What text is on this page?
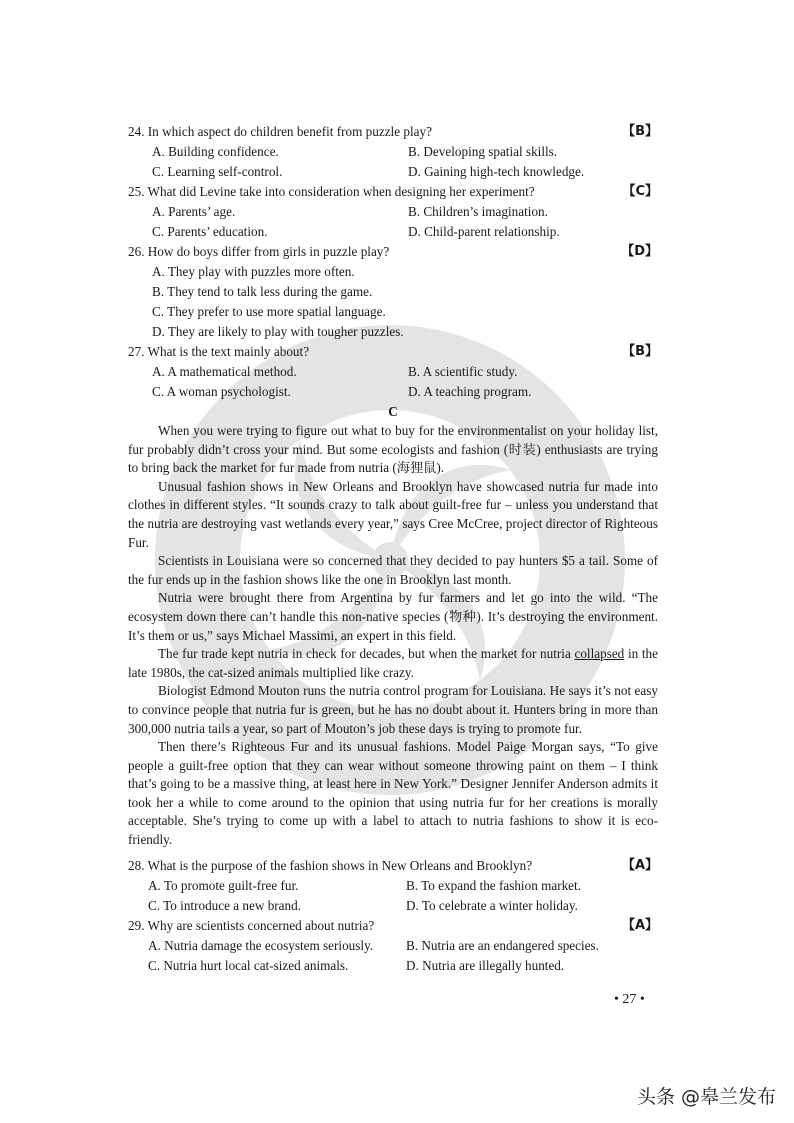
24. In which aspect do children benefit from puzzle play?	【B】
A. Building confidence.	B. Developing spatial skills.
C. Learning self-control.	D. Gaining high-tech knowledge.
25. What did Levine take into consideration when designing her experiment?	【C】
A. Parents’ age.	B. Children’s imagination.
C. Parents’ education.	D. Child-parent relationship.
26. How do boys differ from girls in puzzle play?	【D】
A. They play with puzzles more often.
B. They tend to talk less during the game.
C. They prefer to use more spatial language.
D. They are likely to play with tougher puzzles.
27. What is the text mainly about?	【B】
A. A mathematical method.	B. A scientific study.
C. A woman psychologist.	D. A teaching program.
C

When you were trying to figure out what to buy for the environmentalist on your holiday list, fur probably didn’t cross your mind. But some ecologists and fashion (时装) enthusiasts are trying to bring back the market for fur made from nutria (海狸鼠).

Unusual fashion shows in New Orleans and Brooklyn have showcased nutria fur made into clothes in different styles. “It sounds crazy to talk about guilt-free fur – unless you understand that the nutria are destroying vast wetlands every year,” says Cree McCree, project director of Righteous Fur.

Scientists in Louisiana were so concerned that they decided to pay hunters $5 a tail. Some of the fur ends up in the fashion shows like the one in Brooklyn last month.

Nutria were brought there from Argentina by fur farmers and let go into the wild. “The ecosystem down there can’t handle this non-native species (物种). It’s destroying the environment. It’s them or us,” says Michael Massimi, an expert in this field.

The fur trade kept nutria in check for decades, but when the market for nutria collapsed in the late 1980s, the cat-sized animals multiplied like crazy.

Biologist Edmond Mouton runs the nutria control program for Louisiana. He says it’s not easy to convince people that nutria fur is green, but he has no doubt about it. Hunters bring in more than 300,000 nutria tails a year, so part of Mouton’s job these days is trying to promote fur.

Then there’s Righteous Fur and its unusual fashions. Model Paige Morgan says, “To give people a guilt-free option that they can wear without someone throwing paint on them – I think that’s going to be a massive thing, at least here in New York.” Designer Jennifer Anderson admits it took her a while to come around to the opinion that using nutria fur for her creations is morally acceptable. She’s trying to come up with a label to attach to nutria fashions to show it is eco-friendly.

28. What is the purpose of the fashion shows in New Orleans and Brooklyn?	【A】
A. To promote guilt-free fur.	B. To expand the fashion market.
C. To introduce a new brand.	D. To celebrate a winter holiday.
29. Why are scientists concerned about nutria?	【A】
A. Nutria damage the ecosystem seriously.	B. Nutria are an endangered species.
C. Nutria hurt local cat-sized animals.	D. Nutria are illegally hunted.
• 27 •
头条 @皋兰发布
